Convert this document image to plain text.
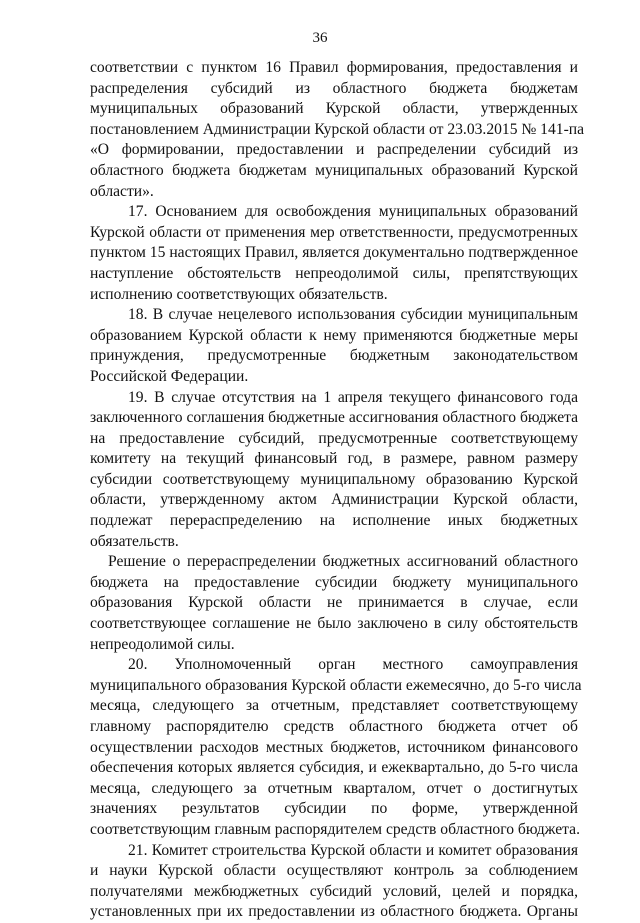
36

соответствии с пунктом 16 Правил формирования, предоставления и
распределения субсидий из областного бюджета бюджетам
муниципальных образований Курской области, утвержденных
постановлением Администрации Курской области от 23.03.2015 № 141-па
«О формировании, предоставлении и распределении субсидий из
областного бюджета бюджетам муниципальных образований Курской
области».

17. Основанием для освобождения муниципальных образований
Курской области от применения мер ответственности, предусмотренных
пунктом 15 настоящих Правил, является документально подтвержденное
наступление обстоятельств непреодолимой силы, препятствующих
исполнению соответствующих обязательств.

18. В случае нецелевого использования субсидии муниципальным
образованием Курской области к нему применяются бюджетные меры
принуждения, предусмотренные бюджетным законодательством
Российской Федерации.

19. В случае отсутствия на 1 апреля текущего финансового года
заключенного соглашения бюджетные ассигнования областного бюджета
на предоставление субсидий, предусмотренные соответствующему
комитету на текущий финансовый год, в размере, равном размеру
субсидии соответствующему муниципальному образованию Курской
области, утвержденному актом Администрации Курской области,
подлежат перераспределению на исполнение иных бюджетных
обязательств.

Решение о перераспределении бюджетных ассигнований областного
бюджета на предоставление субсидии бюджету муниципального
образования Курской области не принимается в случае, если
соответствующее соглашение не было заключено в силу обстоятельств
непреодолимой силы.

20. Уполномоченный орган местного самоуправления
муниципального образования Курской области ежемесячно, до 5-го числа
месяца, следующего за отчетным, представляет соответствующему
главному распорядителю средств областного бюджета отчет об
осуществлении расходов местных бюджетов, источником финансового
обеспечения которых является субсидия, и ежеквартально, до 5-го числа
месяца, следующего за отчетным кварталом, отчет о достигнутых
значениях результатов субсидии по форме, утвержденной
соответствующим главным распорядителем средств областного бюджета.

21. Комитет строительства Курской области и комитет образования
и науки Курской области осуществляют контроль за соблюдением
получателями межбюджетных субсидий условий, целей и порядка,
установленных при их предоставлении из областного бюджета. Органы
